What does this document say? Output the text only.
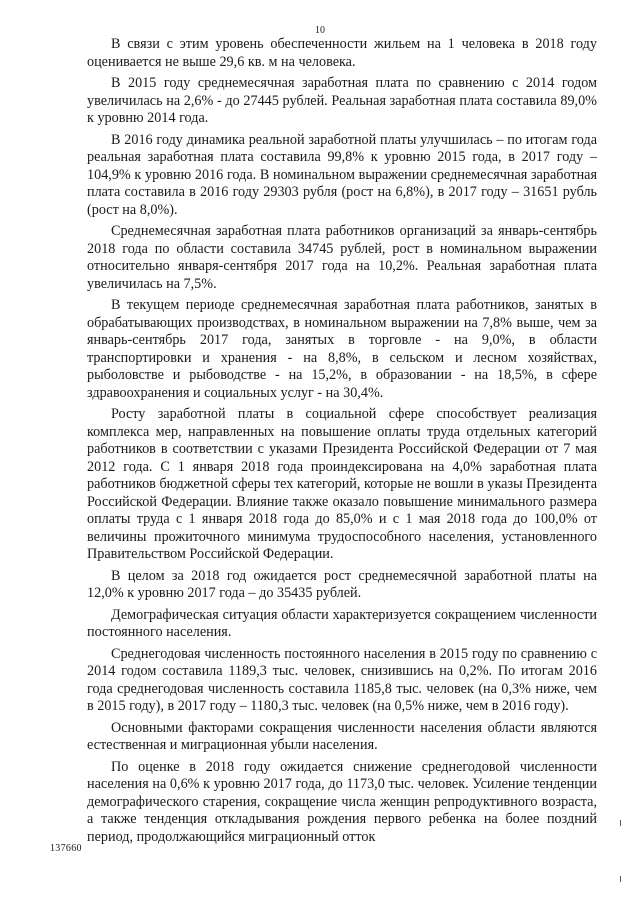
10

В связи с этим уровень обеспеченности жильем на 1 человека в 2018 году оценивается не выше 29,6 кв. м на человека.

В 2015 году среднемесячная заработная плата по сравнению с 2014 годом увеличилась на 2,6% - до 27445 рублей. Реальная заработная плата составила 89,0% к уровню 2014 года.

В 2016 году динамика реальной заработной платы улучшилась – по итогам года реальная заработная плата составила 99,8% к уровню 2015 года, в 2017 году – 104,9% к уровню 2016 года. В номинальном выражении среднемесячная заработная плата составила в 2016 году 29303 рубля (рост на 6,8%), в 2017 году – 31651 рубль (рост на 8,0%).

Среднемесячная заработная плата работников организаций за январь-сентябрь 2018 года по области составила 34745 рублей, рост в номинальном выражении относительно января-сентября 2017 года на 10,2%. Реальная заработная плата увеличилась на 7,5%.

В текущем периоде среднемесячная заработная плата работников, занятых в обрабатывающих производствах, в номинальном выражении на 7,8% выше, чем за январь-сентябрь 2017 года, занятых в торговле - на 9,0%, в области транспортировки и хранения - на 8,8%, в сельском и лесном хозяйствах, рыболовстве и рыбоводстве - на 15,2%, в образовании - на 18,5%, в сфере здравоохранения и социальных услуг - на 30,4%.

Росту заработной платы в социальной сфере способствует реализация комплекса мер, направленных на повышение оплаты труда отдельных категорий работников в соответствии с указами Президента Российской Федерации от 7 мая 2012 года. С 1 января 2018 года проиндексирована на 4,0% заработная плата работников бюджетной сферы тех категорий, которые не вошли в указы Президента Российской Федерации. Влияние также оказало повышение минимального размера оплаты труда с 1 января 2018 года до 85,0% и с 1 мая 2018 года до 100,0% от величины прожиточного минимума трудоспособного населения, установленного Правительством Российской Федерации.

В целом за 2018 год ожидается рост среднемесячной заработной платы на 12,0% к уровню 2017 года – до 35435 рублей.

Демографическая ситуация области характеризуется сокращением численности постоянного населения.

Среднегодовая численность постоянного населения в 2015 году по сравнению с 2014 годом составила 1189,3 тыс. человек, снизившись на 0,2%. По итогам 2016 года среднегодовая численность составила 1185,8 тыс. человек (на 0,3% ниже, чем в 2015 году), в 2017 году – 1180,3 тыс. человек (на 0,5% ниже, чем в 2016 году).

Основными факторами сокращения численности населения области являются естественная и миграционная убыли населения.

По оценке в 2018 году ожидается снижение среднегодовой численности населения на 0,6% к уровню 2017 года, до 1173,0 тыс. человек. Усиление тенденции демографического старения, сокращение числа женщин репродуктивного возраста, а также тенденция откладывания рождения первого ребенка на более поздний период, продолжающийся миграционный отток

137660
